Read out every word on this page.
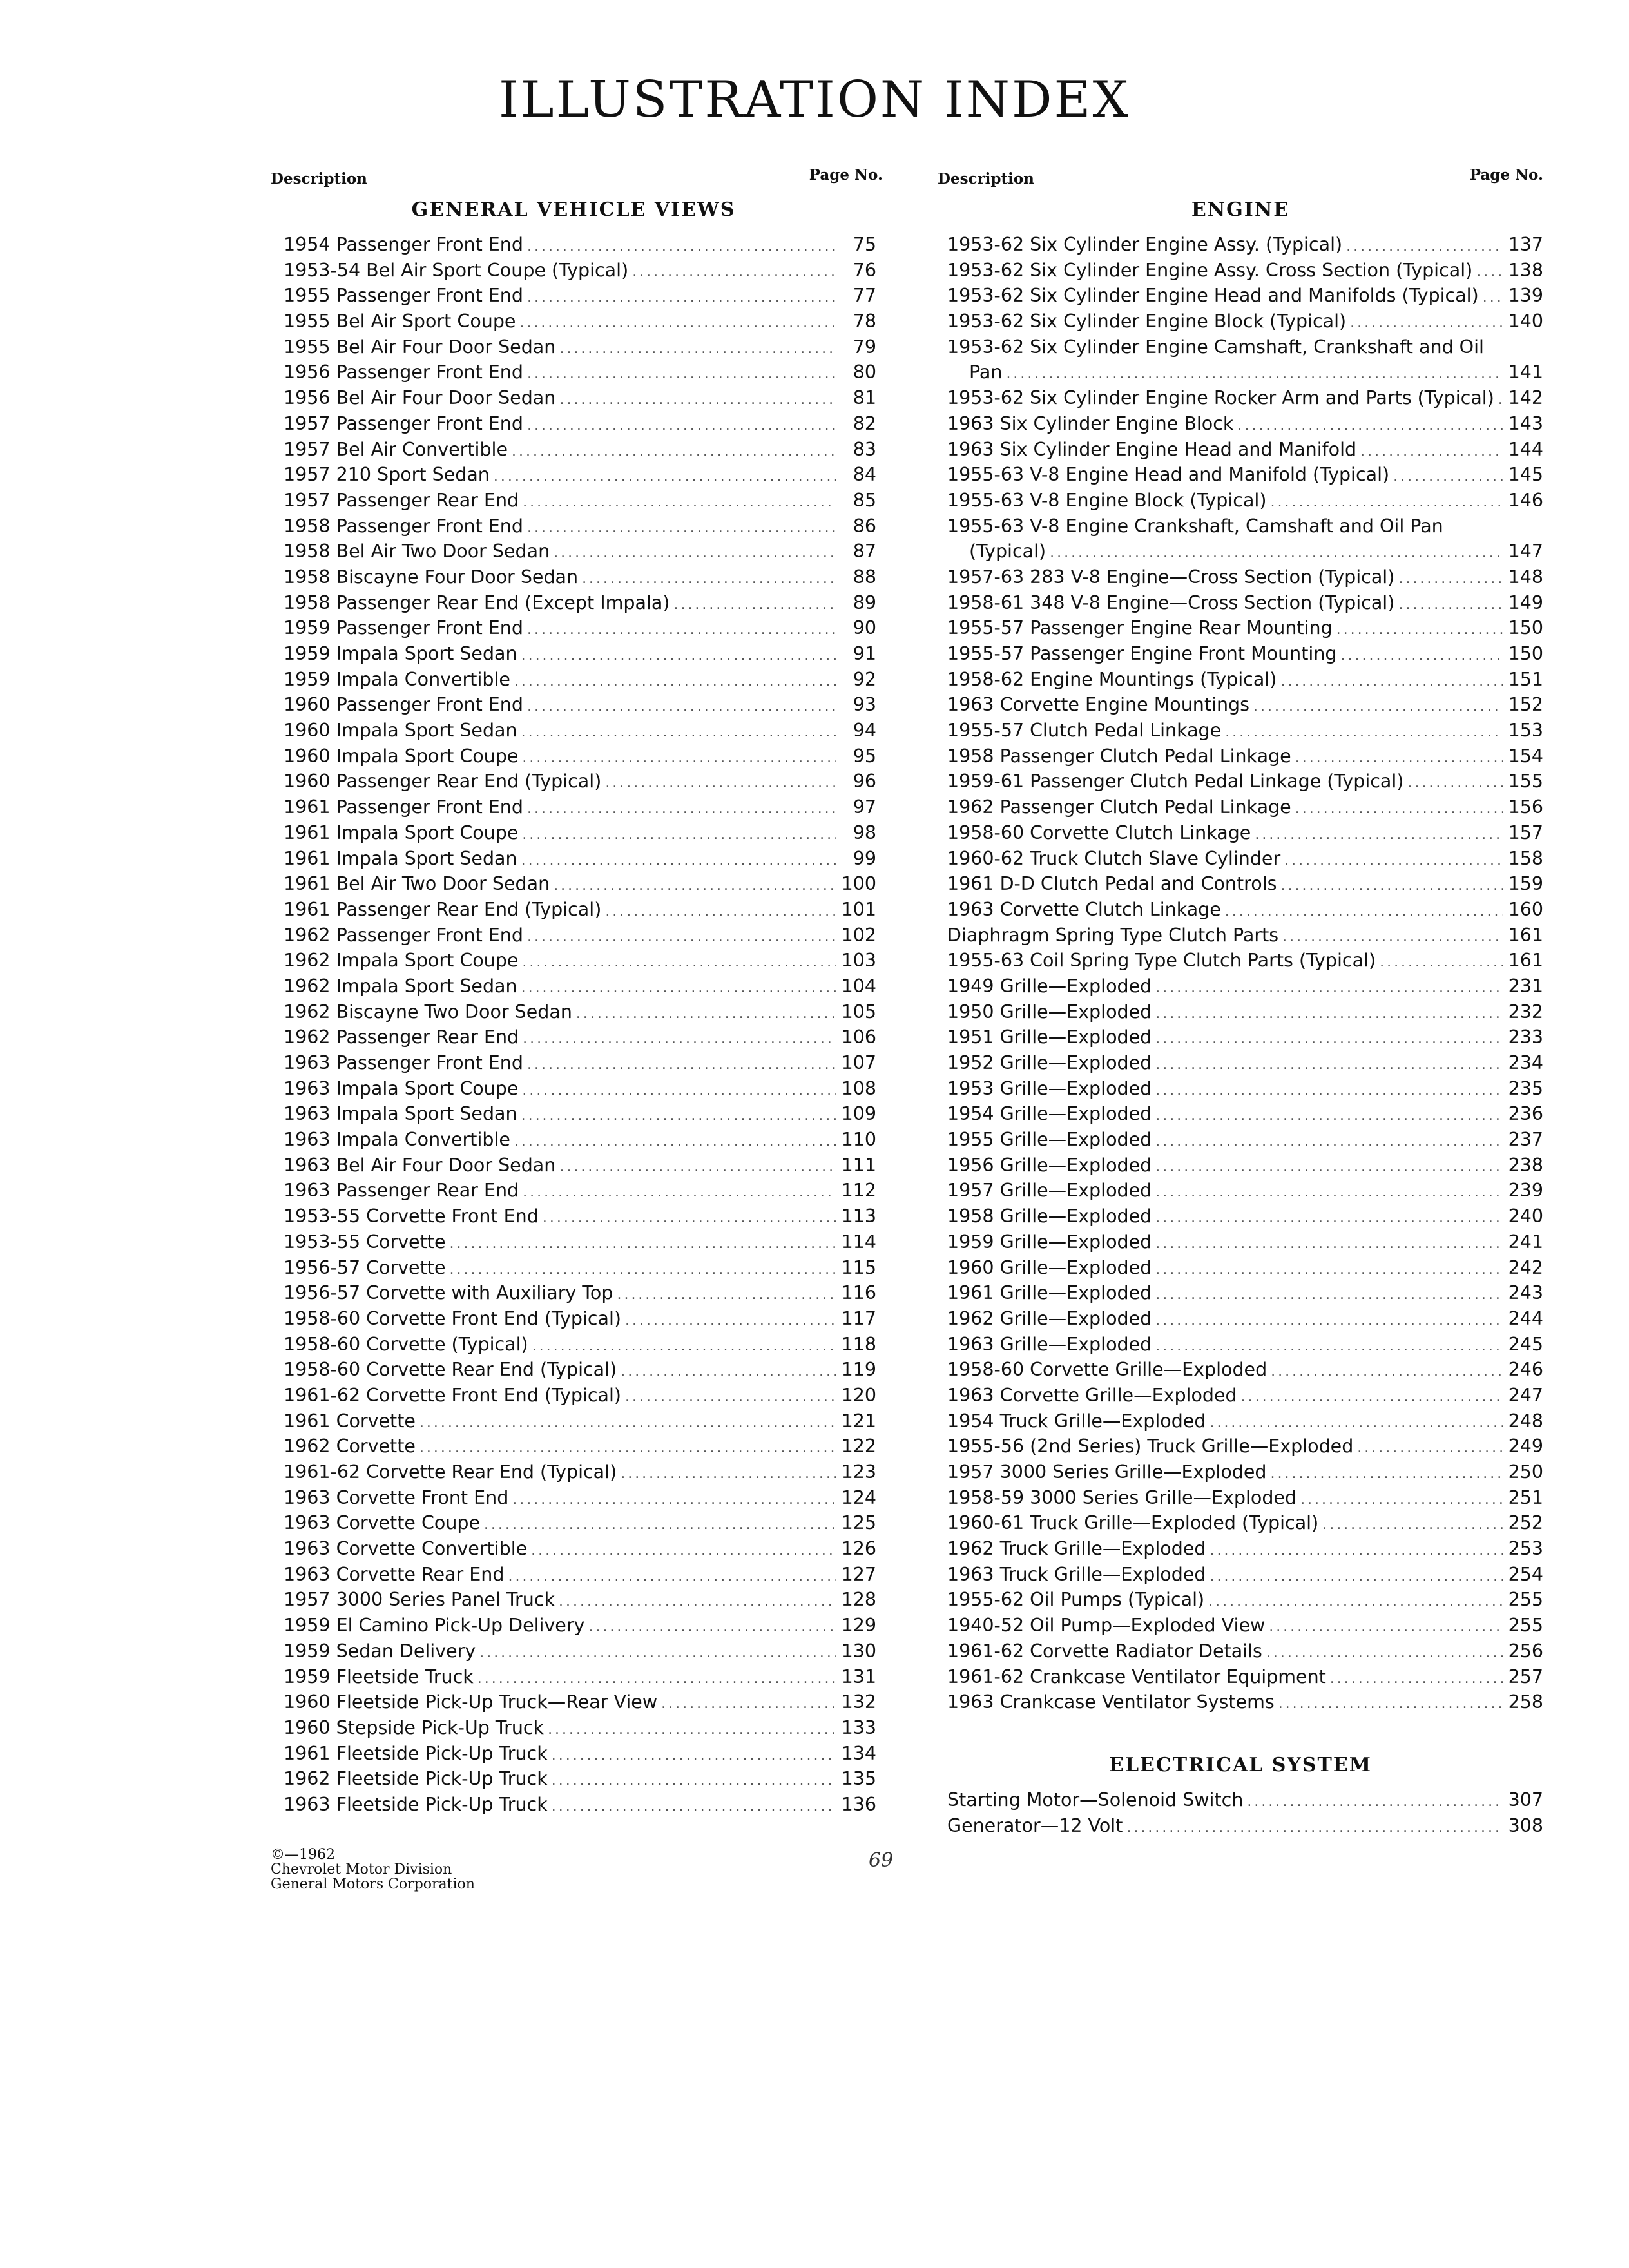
ILLUSTRATION INDEX
Description	Page No.
GENERAL VEHICLE VIEWS
1954 Passenger Front End .....	75
1953-54 Bel Air Sport Coupe (Typical) .....	76
1955 Passenger Front End .....	77
1955 Bel Air Sport Coupe .....	78
1955 Bel Air Four Door Sedan .....	79
1956 Passenger Front End .....	80
1956 Bel Air Four Door Sedan .....	81
1957 Passenger Front End .....	82
1957 Bel Air Convertible .....	83
1957 210 Sport Sedan .....	84
1957 Passenger Rear End .....	85
1958 Passenger Front End .....	86
1958 Bel Air Two Door Sedan .....	87
1958 Biscayne Four Door Sedan .....	88
1958 Passenger Rear End (Except Impala) .....	89
1959 Passenger Front End .....	90
1959 Impala Sport Sedan .....	91
1959 Impala Convertible .....	92
1960 Passenger Front End .....	93
1960 Impala Sport Sedan .....	94
1960 Impala Sport Coupe .....	95
1960 Passenger Rear End (Typical) .....	96
1961 Passenger Front End .....	97
1961 Impala Sport Coupe .....	98
1961 Impala Sport Sedan .....	99
1961 Bel Air Two Door Sedan .....	100
1961 Passenger Rear End (Typical) .....	101
1962 Passenger Front End .....	102
1962 Impala Sport Coupe .....	103
1962 Impala Sport Sedan .....	104
1962 Biscayne Two Door Sedan .....	105
1962 Passenger Rear End .....	106
1963 Passenger Front End .....	107
1963 Impala Sport Coupe .....	108
1963 Impala Sport Sedan .....	109
1963 Impala Convertible .....	110
1963 Bel Air Four Door Sedan .....	111
1963 Passenger Rear End .....	112
1953-55 Corvette Front End .....	113
1953-55 Corvette .....	114
1956-57 Corvette .....	115
1956-57 Corvette with Auxiliary Top .....	116
1958-60 Corvette Front End (Typical) .....	117
1958-60 Corvette (Typical) .....	118
1958-60 Corvette Rear End (Typical) .....	119
1961-62 Corvette Front End (Typical) .....	120
1961 Corvette .....	121
1962 Corvette .....	122
1961-62 Corvette Rear End (Typical) .....	123
1963 Corvette Front End .....	124
1963 Corvette Coupe .....	125
1963 Corvette Convertible .....	126
1963 Corvette Rear End .....	127
1957 3000 Series Panel Truck .....	128
1959 El Camino Pick-Up Delivery .....	129
1959 Sedan Delivery .....	130
1959 Fleetside Truck .....	131
1960 Fleetside Pick-Up Truck—Rear View .....	132
1960 Stepside Pick-Up Truck .....	133
1961 Fleetside Pick-Up Truck .....	134
1962 Fleetside Pick-Up Truck .....	135
1963 Fleetside Pick-Up Truck .....	136
Description	Page No.
ENGINE
1953-62 Six Cylinder Engine Assy. (Typical) .....	137
1953-62 Six Cylinder Engine Assy. Cross Section (Typical) ..... 138
1953-62 Six Cylinder Engine Head and Manifolds (Typical) ..... 139
1953-62 Six Cylinder Engine Block (Typical) .....	140
1953-62 Six Cylinder Engine Camshaft, Crankshaft and Oil
Pan .....	141
1953-62 Six Cylinder Engine Rocker Arm and Parts (Typical) ..... 142
1963 Six Cylinder Engine Block .....	143
1963 Six Cylinder Engine Head and Manifold .....	144
1955-63 V-8 Engine Head and Manifold (Typical) .....	145
1955-63 V-8 Engine Block (Typical) .....	146
1955-63 V-8 Engine Crankshaft, Camshaft and Oil Pan
(Typical) .....	147
1957-63 283 V-8 Engine—Cross Section (Typical) .....	148
1958-61 348 V-8 Engine—Cross Section (Typical) .....	149
1955-57 Passenger Engine Rear Mounting .....	150
1955-57 Passenger Engine Front Mounting .....	150
1958-62 Engine Mountings (Typical) .....	151
1963 Corvette Engine Mountings .....	152
1955-57 Clutch Pedal Linkage .....	153
1958 Passenger Clutch Pedal Linkage .....	154
1959-61 Passenger Clutch Pedal Linkage (Typical) .....	155
1962 Passenger Clutch Pedal Linkage .....	156
1958-60 Corvette Clutch Linkage .....	157
1960-62 Truck Clutch Slave Cylinder .....	158
1961 D-D Clutch Pedal and Controls .....	159
1963 Corvette Clutch Linkage .....	160
Diaphragm Spring Type Clutch Parts .....	161
1955-63 Coil Spring Type Clutch Parts (Typical) .....	161
1949 Grille—Exploded .....	231
1950 Grille—Exploded .....	232
1951 Grille—Exploded .....	233
1952 Grille—Exploded .....	234
1953 Grille—Exploded .....	235
1954 Grille—Exploded .....	236
1955 Grille—Exploded .....	237
1956 Grille—Exploded .....	238
1957 Grille—Exploded .....	239
1958 Grille—Exploded .....	240
1959 Grille—Exploded .....	241
1960 Grille—Exploded .....	242
1961 Grille—Exploded .....	243
1962 Grille—Exploded .....	244
1963 Grille—Exploded .....	245
1958-60 Corvette Grille—Exploded .....	246
1963 Corvette Grille—Exploded .....	247
1954 Truck Grille—Exploded .....	248
1955-56 (2nd Series) Truck Grille—Exploded .....	249
1957 3000 Series Grille—Exploded .....	250
1958-59 3000 Series Grille—Exploded .....	251
1960-61 Truck Grille—Exploded (Typical) .....	252
1962 Truck Grille—Exploded .....	253
1963 Truck Grille—Exploded .....	254
1955-62 Oil Pumps (Typical) .....	255
1940-52 Oil Pump—Exploded View .....	255
1961-62 Corvette Radiator Details .....	256
1961-62 Crankcase Ventilator Equipment .....	257
1963 Crankcase Ventilator Systems .....	258
ELECTRICAL SYSTEM
Starting Motor—Solenoid Switch .....	307
Generator—12 Volt .....	308
©—1962
Chevrolet Motor Division
General Motors Corporation
69
